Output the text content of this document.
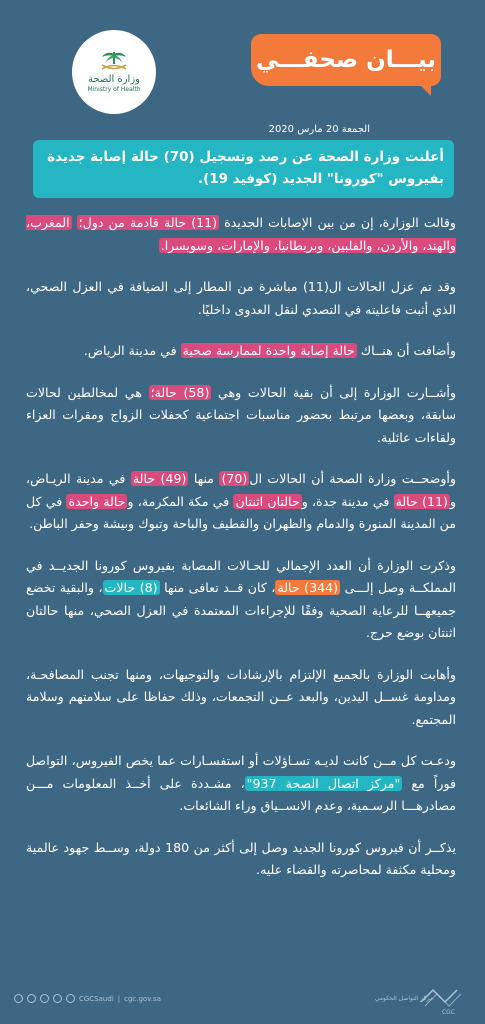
وزارة الصحة
Ministry of Health
بيـــان صحفـــي
الجمعة 20 مارس 2020
أعلنت وزارة الصحة عن رصد وتسجيل (70) حالة إصابة جديدة بفيروس "كورونا" الجديد (كوفيد 19).

وقالت الوزارة، إن من بين الإصابات الجديدة (11) حالة قادمة من دول؛ المغرب، والهند، والأردن، والفلبين، وبريطانيا، والإمارات، وسويسرا.

وقد تم عزل الحالات ال(11) مباشرة من المطار إلى الضيافة في العزل الصحي، الذي أثبت فاعليته في التصدي لنقل العدوى داخليًا.

وأضافت أن هنــاك حالة إصابة واحدة لممارسة صحية في مدينة الرياض.

وأشــارت الوزارة إلى أن بقية الحالات وهي (58) حالة؛ هي لمخالطين لحالات سابقة، وبعضها مرتبط بحضور مناسبات اجتماعية كحفلات الزواج ومقرات العزاء ولقاءات عائلية.

وأوضحــت وزارة الصحة أن الحالات ال(70) منها (49) حالة في مدينة الريـاض، و(11) حالة في مدينة جدة، وحالتان اثنتان في مكة المكرمة، وحالة واحدة في كل من المدينة المنورة والدمام والظهران والقطيف والباحة وتبوك وبيشة وحفر الباطن.

وذكرت الوزارة أن العدد الإجمالي للحـالات المصابة بفيروس كورونا الجديــد في المملكــة وصل إلـــى (344) حالة، كان قــد تعافى منها (8) حالات، والبقية تخضع جميعهــا للرعاية الصحية وفقًا للإجراءات المعتمدة في العزل الصحي، منها حالتان اثنتان بوضع حرج.

وأهابت الوزارة بالجميع الإلتزام بالإرشادات والتوجيهات، ومنها تجنب المصافحـة، ومداومة غســل اليدين، والبعد عــن التجمعات، وذلك حفاظا على سلامتهم وسلامة المجتمع.

ودعـت كل مــن كانت لديـه تسـاؤلات أو استفسـارات عما يخص الفيروس، التواصل فوراً مع "مركز اتصال الصحة 937"، مشـددة على أخــذ المعلومات مـــن مصادرهـــا الرسـمية، وعدم الانســياق وراء الشائعات.

يذكــر أن فيروس كورونا الجديد وصل إلى أكثر من 180 دولة، وســط جهود عالمية ومحلية مكثفة لمحاصرته والقضاء عليه.

CGCSaudi | cgc.gov.sa	مركز التواصل الحكومي
CGC
